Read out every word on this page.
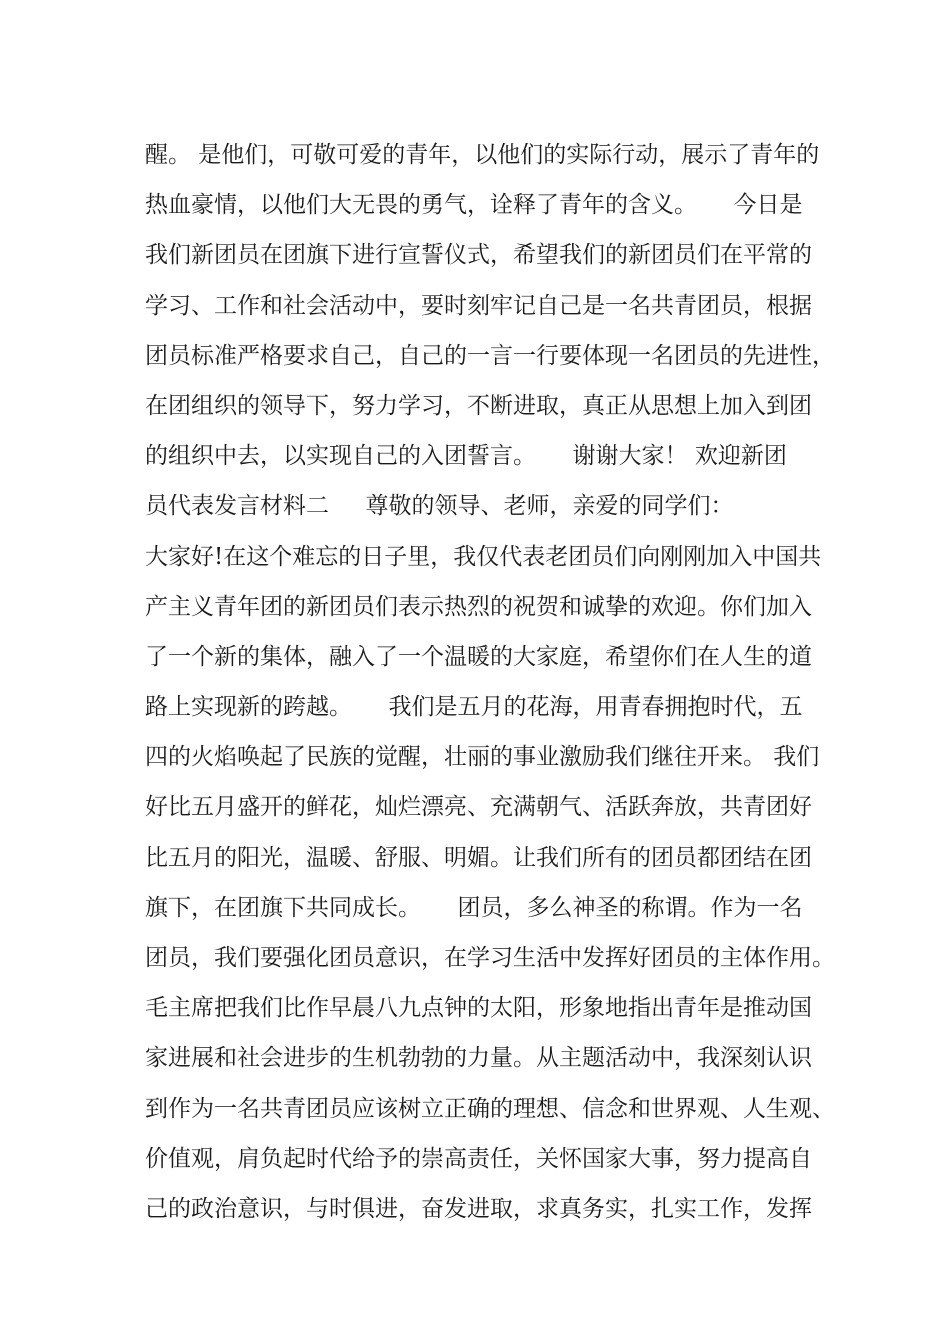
醒。 是他们，可敬可爱的青年，以他们的实际行动，展示了青年的
热血豪情，以他们大无畏的勇气，诠释了青年的含义。     今日是
我们新团员在团旗下进行宣誓仪式，希望我们的新团员们在平常的
学习、工作和社会活动中，要时刻牢记自己是一名共青团员，根据
团员标准严格要求自己，自己的一言一行要体现一名团员的先进性，
在团组织的领导下，努力学习，不断进取，真正从思想上加入到团
的组织中去，以实现自己的入团誓言。     谢谢大家！ 欢迎新团
员代表发言材料二     尊敬的领导、老师，亲爱的同学们：
大家好!在这个难忘的日子里，我仅代表老团员们向刚刚加入中国共
产主义青年团的新团员们表示热烈的祝贺和诚挚的欢迎。你们加入
了一个新的集体，融入了一个温暖的大家庭，希望你们在人生的道
路上实现新的跨越。     我们是五月的花海，用青春拥抱时代，五
四的火焰唤起了民族的觉醒，壮丽的事业激励我们继往开来。 我们
好比五月盛开的鲜花，灿烂漂亮、充满朝气、活跃奔放，共青团好
比五月的阳光，温暖、舒服、明媚。让我们所有的团员都团结在团
旗下，在团旗下共同成长。     团员，多么神圣的称谓。作为一名
团员，我们要强化团员意识，在学习生活中发挥好团员的主体作用。
毛主席把我们比作早晨八九点钟的太阳，形象地指出青年是推动国
家进展和社会进步的生机勃勃的力量。从主题活动中，我深刻认识
到作为一名共青团员应该树立正确的理想、信念和世界观、人生观、
价值观，肩负起时代给予的崇高责任，关怀国家大事，努力提高自
己的政治意识，与时俱进，奋发进取，求真务实，扎实工作，发挥
